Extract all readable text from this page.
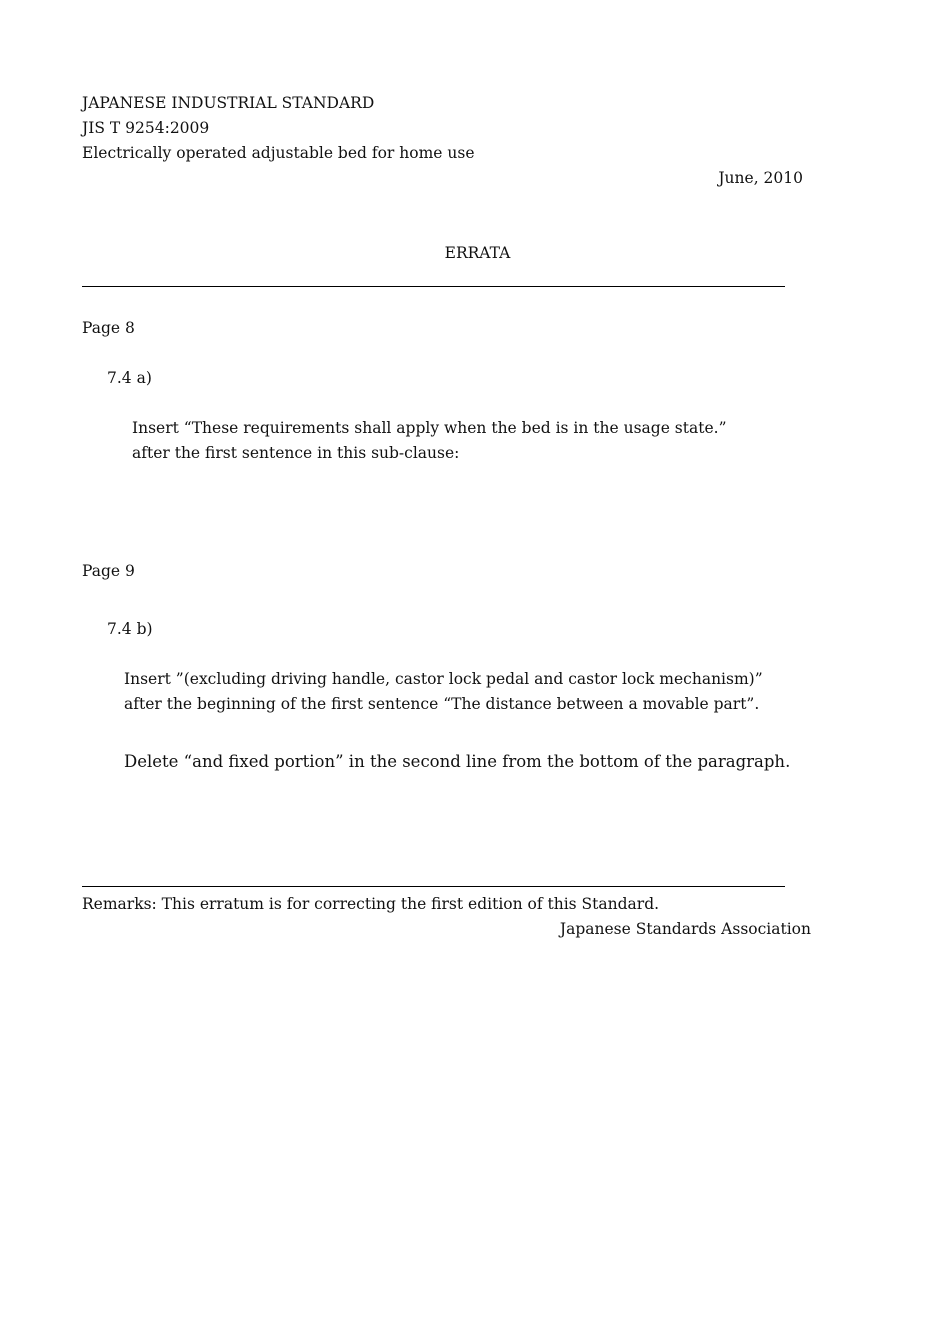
JAPANESE INDUSTRIAL STANDARD
JIS T 9254:2009
Electrically operated adjustable bed for home use
June, 2010
ERRATA
Page 8
7.4 a)
Insert “These requirements shall apply when the bed is in the usage state.”
after the first sentence in this sub-clause:
Page 9
7.4 b)
Insert ”(excluding driving handle, castor lock pedal and castor lock mechanism)”
after the beginning of the first sentence “The distance between a movable part”.
Delete “and fixed portion” in the second line from the bottom of the paragraph.
Remarks: This erratum is for correcting the first edition of this Standard.
Japanese Standards Association
